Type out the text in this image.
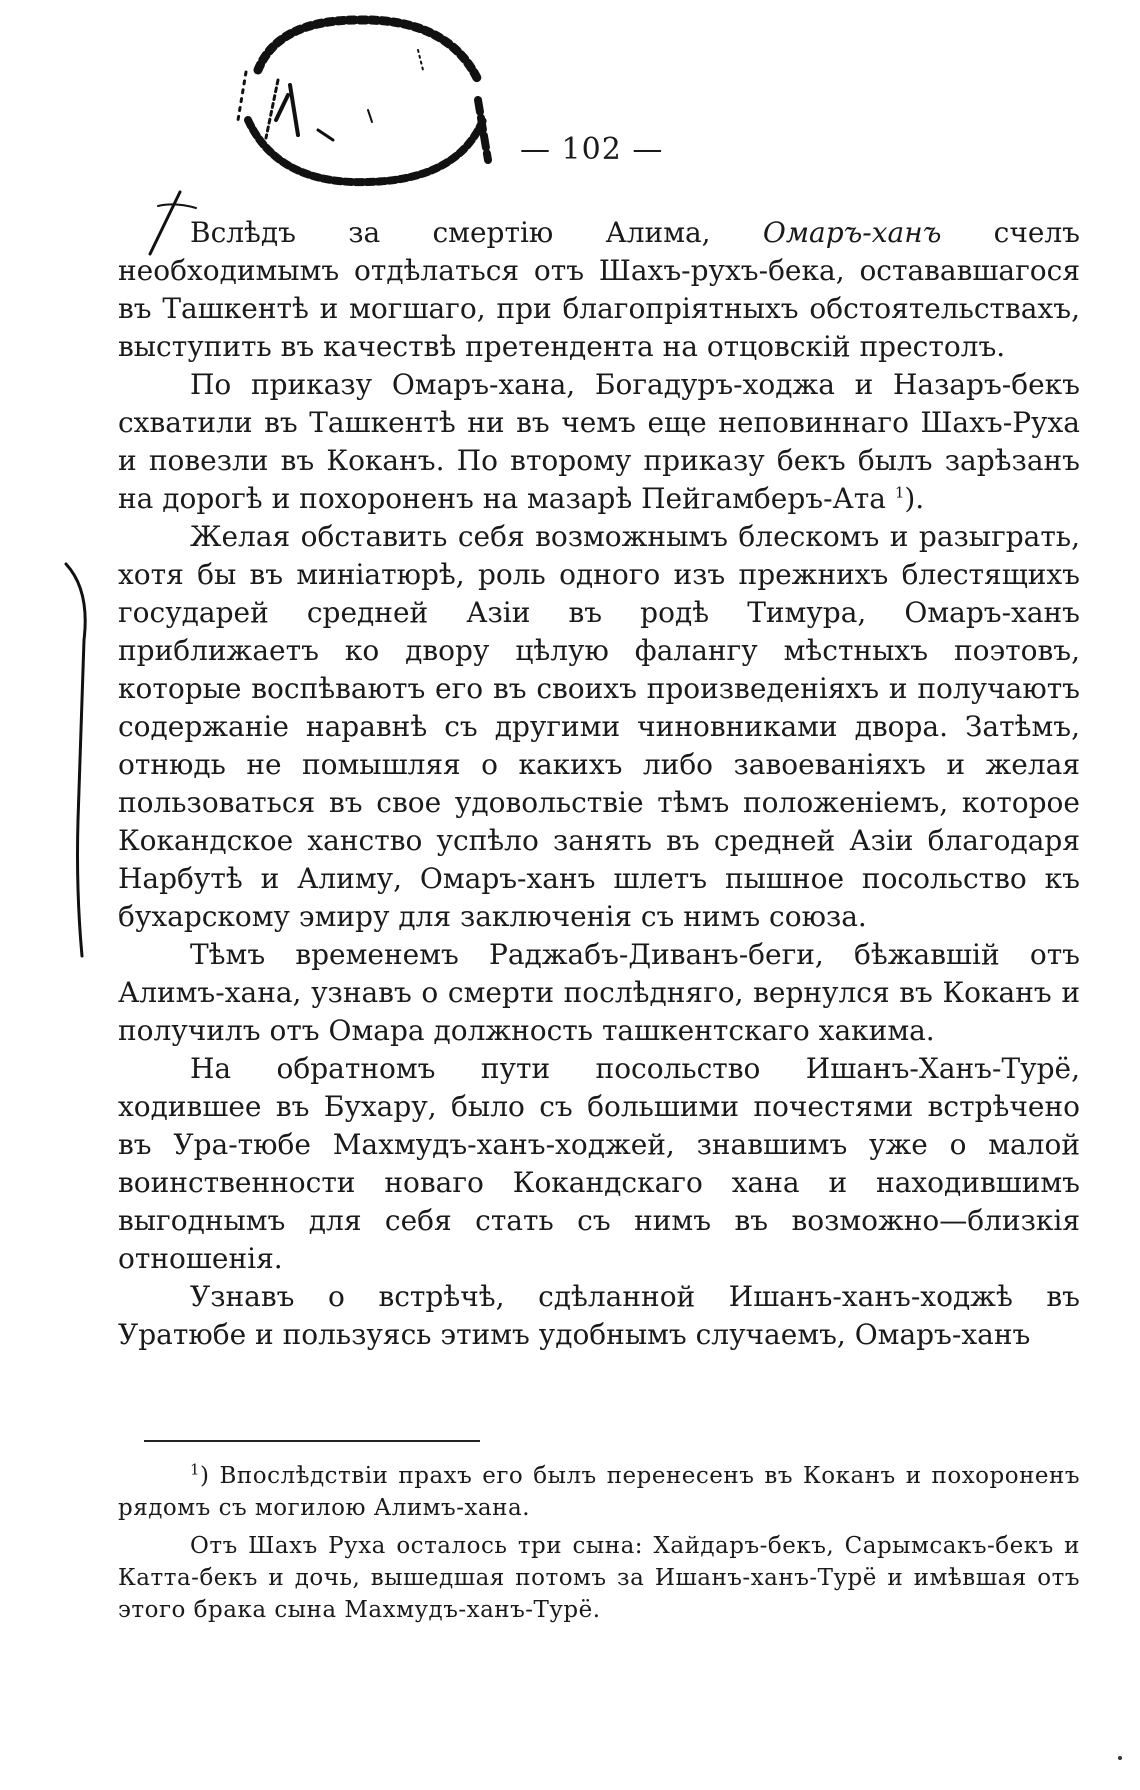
— 102 —

Вслѣдъ за смертію Алима, Омаръ-ханъ счелъ необходимымъ отдѣлаться отъ Шахъ-рухъ-бека, остававшагося въ Ташкентѣ и могшаго, при благопріятныхъ обстоятельствахъ, выступить въ качествѣ претендента на отцовскій престолъ.

По приказу Омаръ-хана, Богадуръ-ходжа и Назаръ-бекъ схватили въ Ташкентѣ ни въ чемъ еще неповиннаго Шахъ-Руха и повезли въ Коканъ. По второму приказу бекъ былъ зарѣзанъ на дорогѣ и похороненъ на мазарѣ Пейгамберъ-Ата $^1$).

Желая обставить себя возможнымъ блескомъ и разыграть, хотя бы въ миніатюрѣ, роль одного изъ прежнихъ блестящихъ государей средней Азіи въ родѣ Тимура, Омаръ-ханъ приближаетъ ко двору цѣлую фалангу мѣстныхъ поэтовъ, которые воспѣваютъ его въ своихъ произведеніяхъ и получаютъ содержаніе наравнѣ съ другими чиновниками двора. Затѣмъ, отнюдь не помышляя о какихъ либо завоеваніяхъ и желая пользоваться въ свое удовольствіе тѣмъ положеніемъ, которое Кокандское ханство успѣло занять въ средней Азіи благодаря Нарбутѣ и Алиму, Омаръ-ханъ шлетъ пышное посольство къ бухарскому эмиру для заключенія съ нимъ союза.

Тѣмъ временемъ Раджабъ-Диванъ-беги, бѣжавшій отъ Алимъ-хана, узнавъ о смерти послѣдняго, вернулся въ Коканъ и получилъ отъ Омара должность ташкентскаго хакима.

На обратномъ пути посольство Ишанъ-Ханъ-Турё, ходившее въ Бухару, было съ большими почестями встрѣчено въ Ура-тюбе Махмудъ-ханъ-ходжей, знавшимъ уже о малой воинственности новаго Кокандскаго хана и находившимъ выгоднымъ для себя стать съ нимъ въ возможно—близкія отношенія.

Узнавъ о встрѣчѣ, сдѣланной Ишанъ-ханъ-ходжѣ въ Уратюбе и пользуясь этимъ удобнымъ случаемъ, Омаръ-ханъ

$^1$) Впослѣдствіи прахъ его былъ перенесенъ въ Коканъ и похороненъ рядомъ съ могилою Алимъ-хана.

Отъ Шахъ Руха осталось три сына: Хайдаръ-бекъ, Сарымсакъ-бекъ и Катта-бекъ и дочь, вышедшая потомъ за Ишанъ-ханъ-Турё и имѣвшая отъ этого брака сына Махмудъ-ханъ-Турё.
